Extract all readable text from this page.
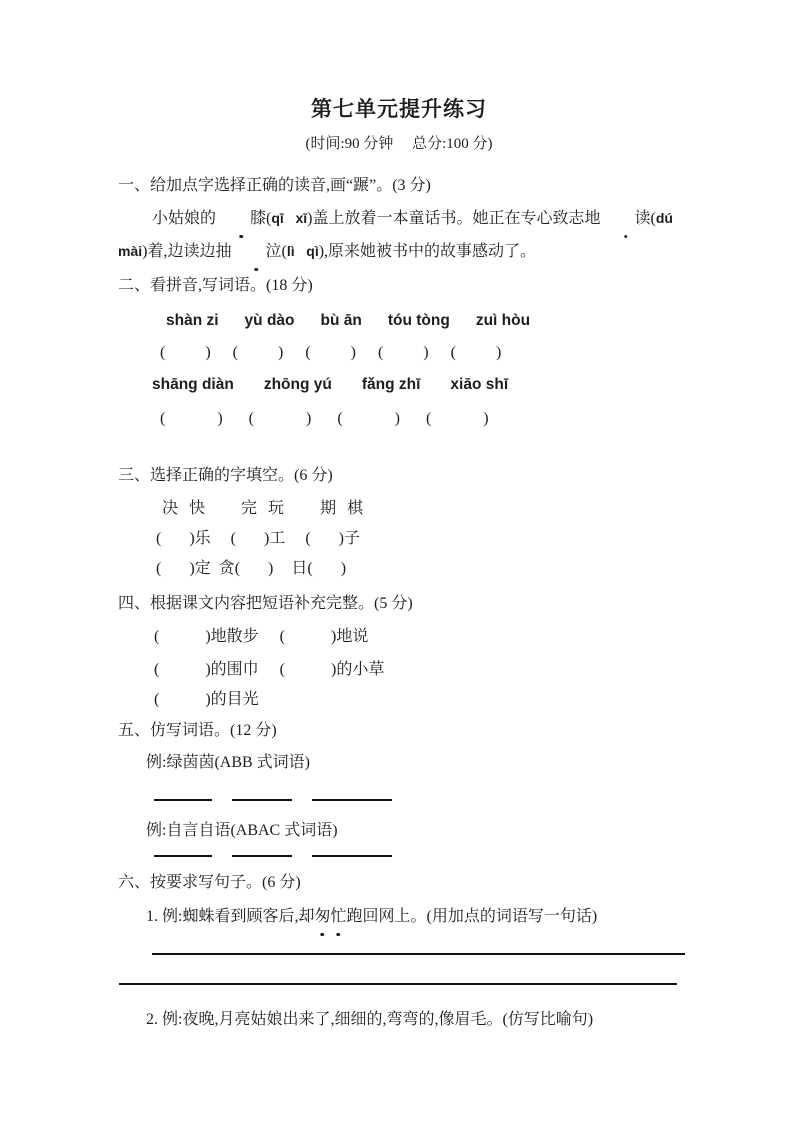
第七单元提升练习
(时间:90 分钟     总分:100 分)
一、给加点字选择正确的读音,画“蹍”。(3 分)
小姑娘的 膝(qī   xī)盖上放着一本童话书。她正在专心致志地 读(dú   mài)着,边读边抽 泣(lì   qì),原来她被书中的故事感动了。
二、看拼音,写词语。(18 分)
shàn zi yù dào bù ān tóu tòng zuì hòu
(	) (	) (	) (	) (	)
shāng diàn zhōng yú fǎng zhī xiāo shī
(	) (	) (	) (	)
三、选择正确的字填空。(6 分)
决 快 完 玩 期 棋
( ) 乐 ( ) 工 ( ) 子
( ) 定 贪 ( ) 日 ( )
四、根据课文内容把短语补充完整。(5 分)
(	) 地散步 (	) 地说
(	) 的围巾 (	) 的小草
(	) 的目光
五、仿写词语。(12 分)
例:绿茵茵(ABB 式词语)
例:自言自语(ABAC 式词语)
六、按要求写句子。(6 分)
1. 例:蜘蛛看到顾客后,却匆忙跑回网上。(用加点的词语写一句话)
2. 例:夜晚,月亮姑娘出来了,细细的,弯弯的,像眉毛。(仿写比喻句)
